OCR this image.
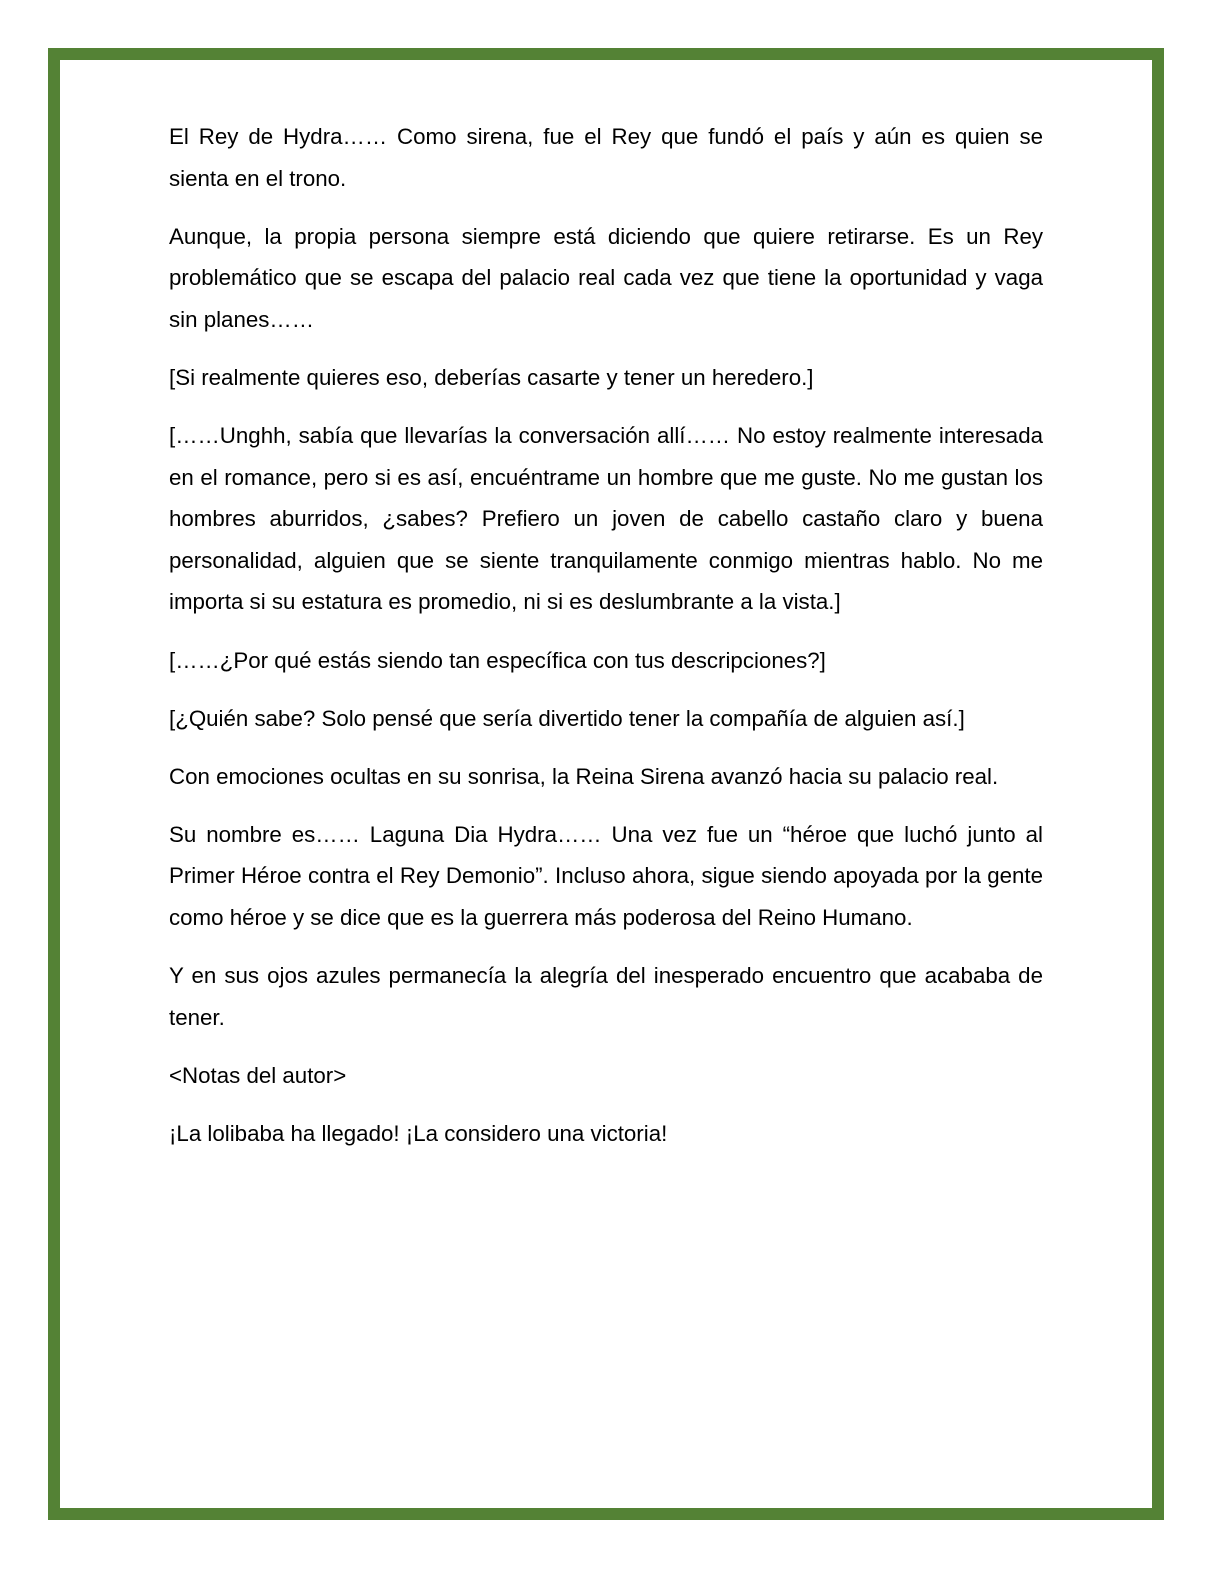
El Rey de Hydra…… Como sirena, fue el Rey que fundó el país y aún es quien se sienta en el trono.

Aunque, la propia persona siempre está diciendo que quiere retirarse. Es un Rey problemático que se escapa del palacio real cada vez que tiene la oportunidad y vaga sin planes……

[Si realmente quieres eso, deberías casarte y tener un heredero.]

[……Unghh, sabía que llevarías la conversación allí…… No estoy realmente interesada en el romance, pero si es así, encuéntrame un hombre que me guste. No me gustan los hombres aburridos, ¿sabes? Prefiero un joven de cabello castaño claro y buena personalidad, alguien que se siente tranquilamente conmigo mientras hablo. No me importa si su estatura es promedio, ni si es deslumbrante a la vista.]

[……¿Por qué estás siendo tan específica con tus descripciones?]

[¿Quién sabe? Solo pensé que sería divertido tener la compañía de alguien así.]

Con emociones ocultas en su sonrisa, la Reina Sirena avanzó hacia su palacio real.

Su nombre es…… Laguna Dia Hydra…… Una vez fue un “héroe que luchó junto al Primer Héroe contra el Rey Demonio”. Incluso ahora, sigue siendo apoyada por la gente como héroe y se dice que es la guerrera más poderosa del Reino Humano.

Y en sus ojos azules permanecía la alegría del inesperado encuentro que acababa de tener.

<Notas del autor>

¡La lolibaba ha llegado! ¡La considero una victoria!
